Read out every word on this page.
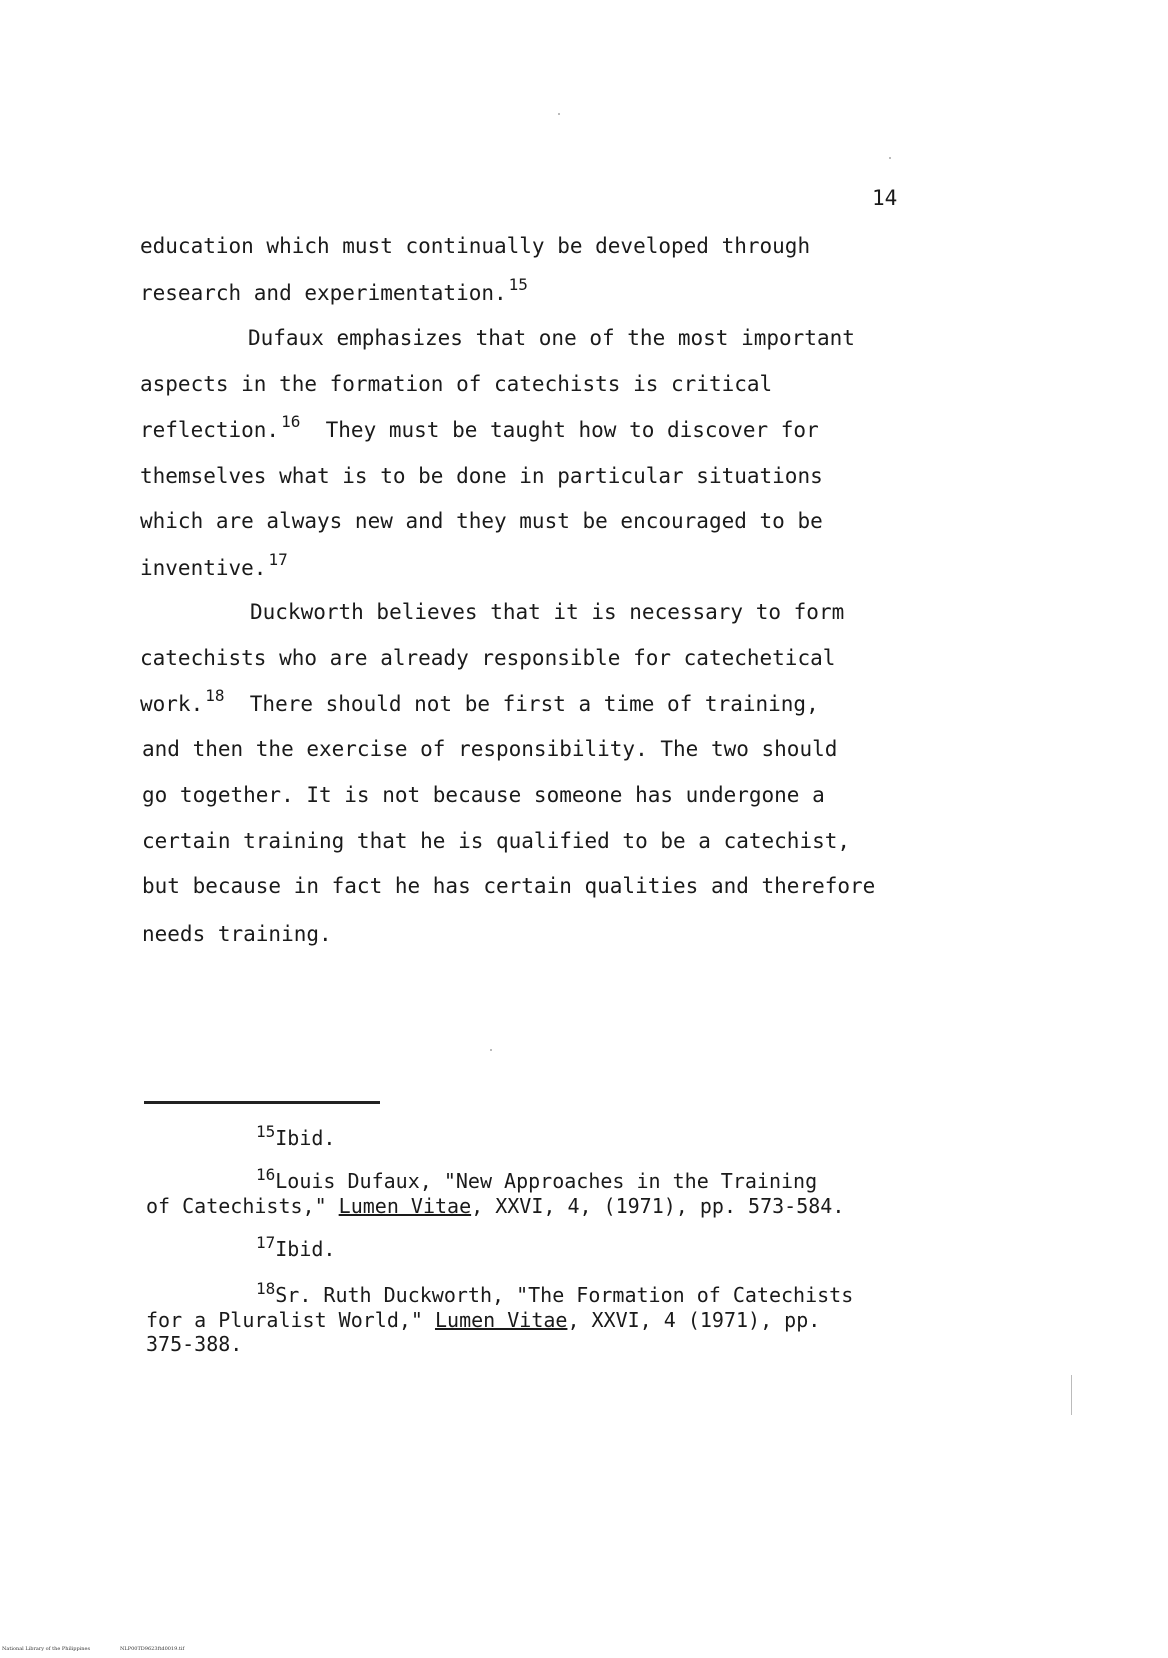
14
education which must continually be developed through
research and experimentation. $^{15}$
Dufaux emphasizes that one of the most important
aspects in the formation of catechists is critical
reflection. $^{16}$ They must be taught how to discover for
themselves what is to be done in particular situations
which are always new and they must be encouraged to be
inventive. $^{17}$
Duckworth believes that it is necessary to form
catechists who are already responsible for catechetical
work. $^{18}$ There should not be first a time of training,
and then the exercise of responsibility. The two should
go together. It is not because someone has undergone a
certain training that he is qualified to be a catechist,
but because in fact he has certain qualities and therefore
needs training.
$^{15}$Ibid.
$^{16}$Louis Dufaux, "New Approaches in the Training
of Catechists," Lumen Vitae, XXVI, 4, (1971), pp. 573-584.
$^{17}$Ibid.
$^{18}$Sr. Ruth Duckworth, "The Formation of Catechists
for a Pluralist World," Lumen Vitae, XXVI, 4 (1971), pp.
375-388.
National Library of the Philippines	NLP00TD9623ftd0019.tif
